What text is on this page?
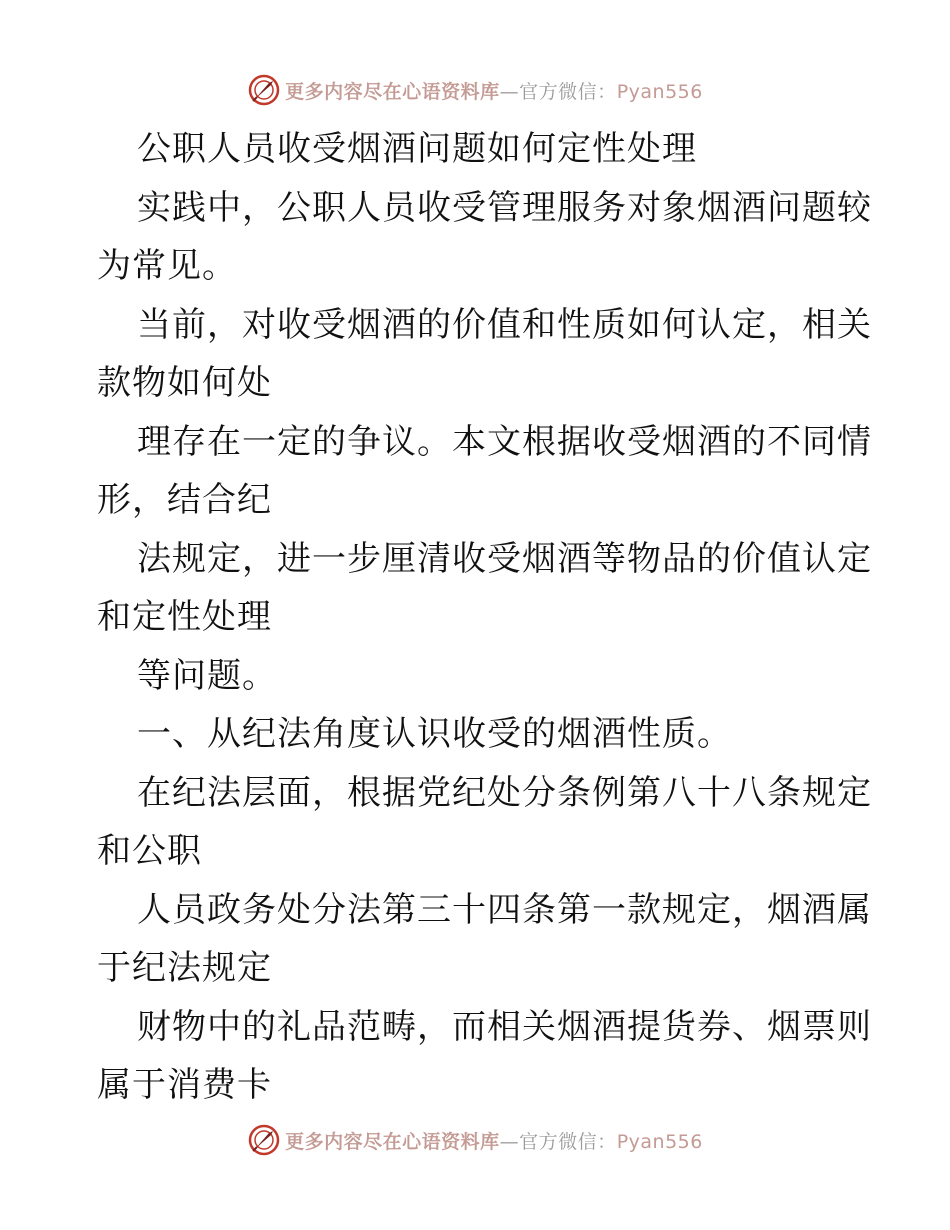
更多内容尽在心语资料库—官方微信：Pyan556

公职人员收受烟酒问题如何定性处理

实践中，公职人员收受管理服务对象烟酒问题较

为常见。

当前，对收受烟酒的价值和性质如何认定，相关

款物如何处

理存在一定的争议。本文根据收受烟酒的不同情

形，结合纪

法规定，进一步厘清收受烟酒等物品的价值认定

和定性处理

等问题。

一、从纪法角度认识收受的烟酒性质。

在纪法层面，根据党纪处分条例第八十八条规定

和公职

人员政务处分法第三十四条第一款规定，烟酒属

于纪法规定

财物中的礼品范畴，而相关烟酒提货券、烟票则

属于消费卡

更多内容尽在心语资料库—官方微信：Pyan556
